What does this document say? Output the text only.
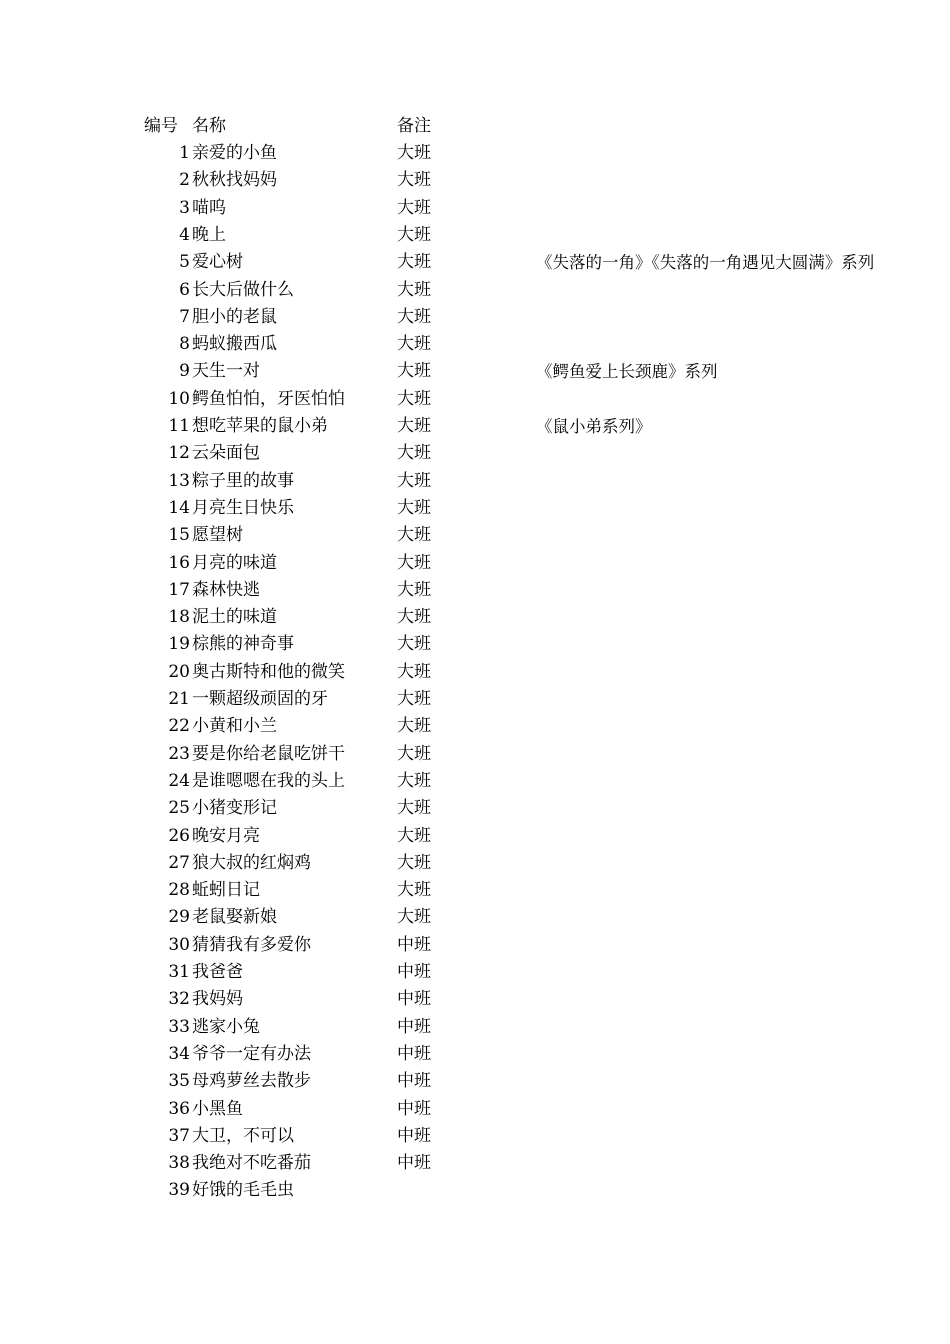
编号 名称	备注
1 亲爱的小鱼	大班
2 秋秋找妈妈	大班
3 喵呜	大班
4 晚上	大班
5 爱心树	大班	《失落的一角》《失落的一角遇见大圆满》系列
6 长大后做什么	大班
7 胆小的老鼠	大班
8 蚂蚁搬西瓜	大班
9 天生一对	大班	《鳄鱼爱上长颈鹿》系列
10 鳄鱼怕怕，牙医怕怕	大班
11 想吃苹果的鼠小弟	大班	《鼠小弟系列》
12 云朵面包	大班
13 粽子里的故事	大班
14 月亮生日快乐	大班
15 愿望树	大班
16 月亮的味道	大班
17 森林快逃	大班
18 泥土的味道	大班
19 棕熊的神奇事	大班
20 奥古斯特和他的微笑	大班
21 一颗超级顽固的牙	大班
22 小黄和小兰	大班
23 要是你给老鼠吃饼干	大班
24 是谁嗯嗯在我的头上	大班
25 小猪变形记	大班
26 晚安月亮	大班
27 狼大叔的红焖鸡	大班
28 蚯蚓日记	大班
29 老鼠娶新娘	大班
30 猜猜我有多爱你	中班
31 我爸爸	中班
32 我妈妈	中班
33 逃家小兔	中班
34 爷爷一定有办法	中班
35 母鸡萝丝去散步	中班
36 小黑鱼	中班
37 大卫，不可以	中班
38 我绝对不吃番茄	中班
39 好饿的毛毛虫
